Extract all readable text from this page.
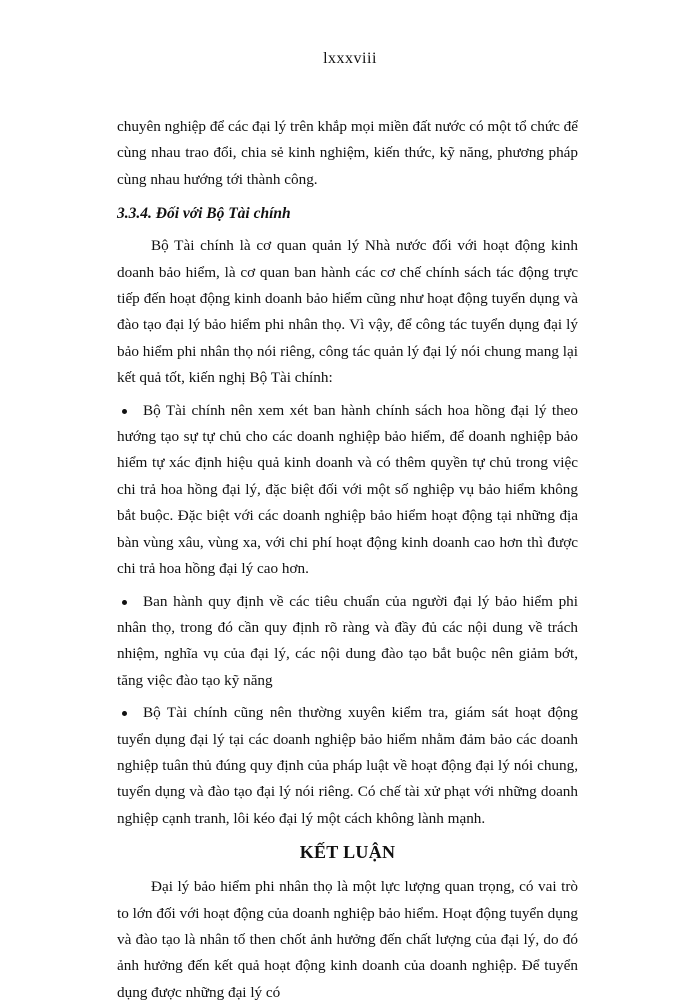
lxxxviii

chuyên nghiệp để các đại lý trên khắp mọi miền đất nước có một tổ chức để cùng nhau trao đổi, chia sẻ kinh nghiệm, kiến thức, kỹ năng, phương pháp cùng nhau hướng tới thành công.

3.3.4. Đối với Bộ Tài chính

Bộ Tài chính là cơ quan quản lý Nhà nước đối với hoạt động kinh doanh bảo hiểm, là cơ quan ban hành các cơ chế chính sách tác động trực tiếp đến hoạt động kinh doanh bảo hiểm cũng như hoạt động tuyển dụng và đào tạo đại lý bảo hiểm phi nhân thọ. Vì vậy, để công tác tuyển dụng đại lý bảo hiểm phi nhân thọ nói riêng, công tác quản lý đại lý nói chung mang lại kết quả tốt, kiến nghị Bộ Tài chính:

Bộ Tài chính nên xem xét ban hành chính sách hoa hồng đại lý theo hướng tạo sự tự chủ cho các doanh nghiệp bảo hiểm, để doanh nghiệp bảo hiểm tự xác định hiệu quả kinh doanh và có thêm quyền tự chủ trong việc chi trả hoa hồng đại lý, đặc biệt đối với một số nghiệp vụ bảo hiểm không bắt buộc. Đặc biệt với các doanh nghiệp bảo hiểm hoạt động tại những địa bàn vùng xâu, vùng xa, với chi phí hoạt động kinh doanh cao hơn thì được chi trả hoa hồng đại lý cao hơn.
Ban hành quy định về các tiêu chuẩn của người đại lý bảo hiểm phi nhân thọ, trong đó cần quy định rõ ràng và đầy đủ các nội dung về trách nhiệm, nghĩa vụ của đại lý, các nội dung đào tạo bắt buộc nên giảm bớt, tăng việc đào tạo kỹ năng
Bộ Tài chính cũng nên thường xuyên kiểm tra, giám sát hoạt động tuyển dụng đại lý tại các doanh nghiệp bảo hiểm nhằm đảm bảo các doanh nghiệp tuân thủ đúng quy định của pháp luật về hoạt động đại lý nói chung, tuyển dụng và đào tạo đại lý nói riêng. Có chế tài xử phạt với những doanh nghiệp cạnh tranh, lôi kéo đại lý một cách không lành mạnh.
KẾT LUẬN

Đại lý bảo hiểm phi nhân thọ là một lực lượng quan trọng, có vai trò to lớn đối với hoạt động của doanh nghiệp bảo hiểm. Hoạt động tuyển dụng và đào tạo là nhân tố then chốt ảnh hưởng đến chất lượng của đại lý, do đó ảnh hưởng đến kết quả hoạt động kinh doanh của doanh nghiệp. Để tuyển dụng được những đại lý có
